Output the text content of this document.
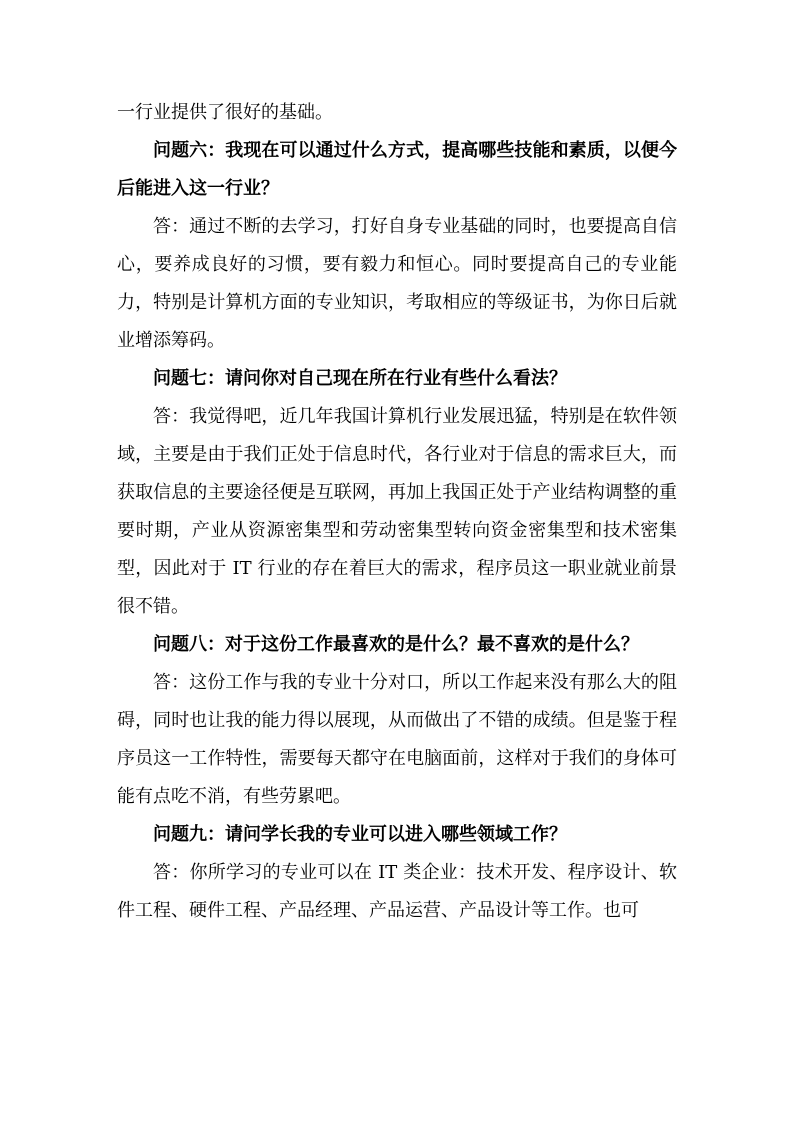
一行业提供了很好的基础。

问题六：我现在可以通过什么方式，提高哪些技能和素质，以便今后能进入这一行业？

答：通过不断的去学习，打好自身专业基础的同时，也要提高自信心，要养成良好的习惯，要有毅力和恒心。同时要提高自己的专业能力，特别是计算机方面的专业知识，考取相应的等级证书，为你日后就业增添筹码。

问题七：请问你对自己现在所在行业有些什么看法？

答：我觉得吧，近几年我国计算机行业发展迅猛，特别是在软件领域，主要是由于我们正处于信息时代，各行业对于信息的需求巨大，而获取信息的主要途径便是互联网，再加上我国正处于产业结构调整的重要时期，产业从资源密集型和劳动密集型转向资金密集型和技术密集型，因此对于 IT 行业的存在着巨大的需求，程序员这一职业就业前景很不错。

问题八：对于这份工作最喜欢的是什么？最不喜欢的是什么？

答：这份工作与我的专业十分对口，所以工作起来没有那么大的阻碍，同时也让我的能力得以展现，从而做出了不错的成绩。但是鉴于程序员这一工作特性，需要每天都守在电脑面前，这样对于我们的身体可能有点吃不消，有些劳累吧。

问题九：请问学长我的专业可以进入哪些领域工作？

答：你所学习的专业可以在 IT 类企业：技术开发、程序设计、软件工程、硬件工程、产品经理、产品运营、产品设计等工作。也可
